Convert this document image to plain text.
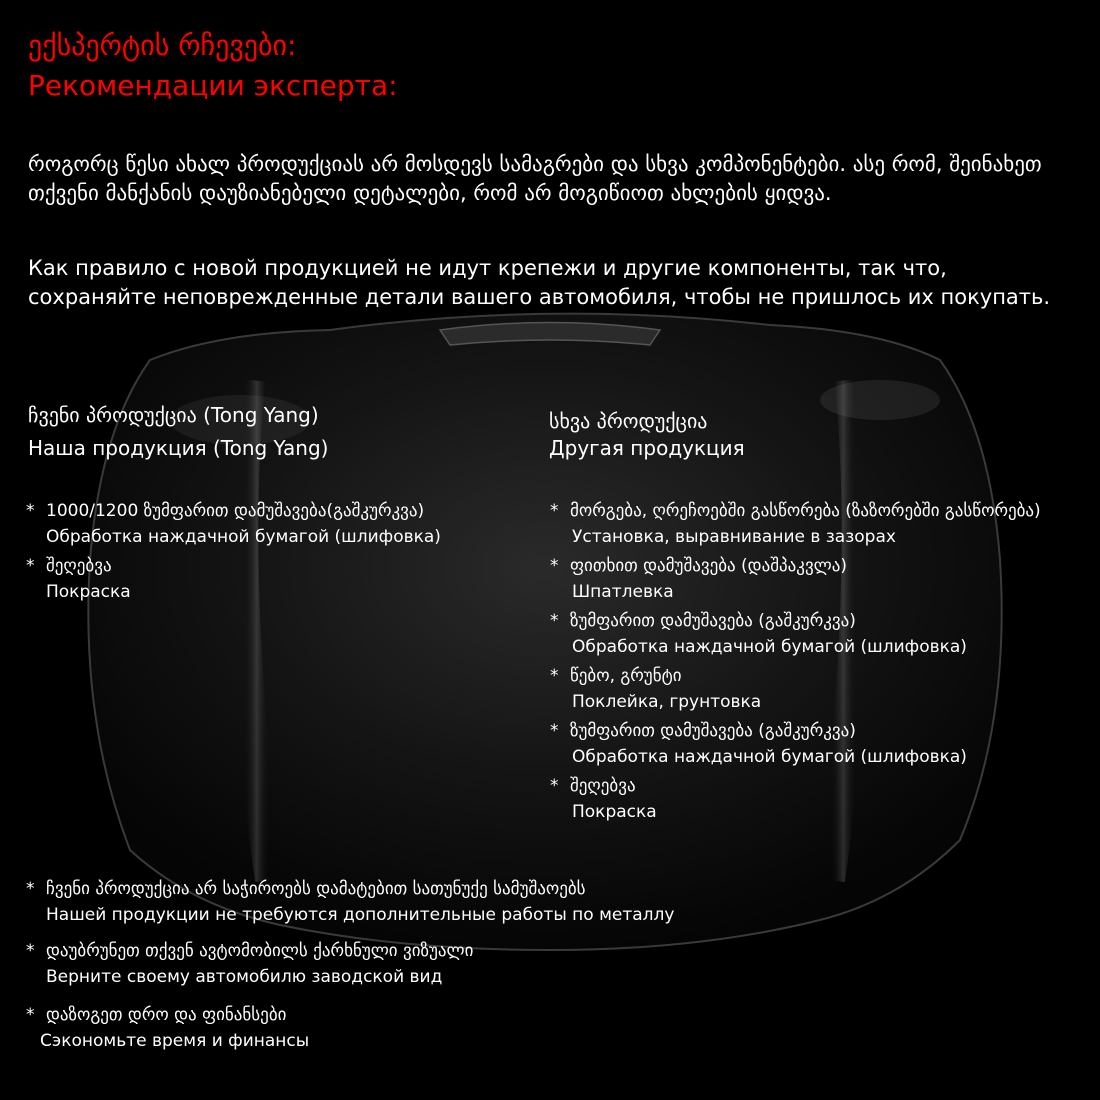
ექსპერტის რჩევები:
Рекомендации эксперта:
როგორც წესი ახალ პროდუქციას არ მოსდევს სამაგრები და სხვა კომპონენტები. ასე რომ, შეინახეთ თქვენი მანქანის დაუზიანებელი დეტალები, რომ არ მოგიწიოთ ახლების ყიდვა.
Как правило с новой продукцией не идут крепежи и другие компоненты, так что, сохраняйте неповрежденные детали вашего автомобиля, чтобы не пришлось их покупать.
ჩვენი პროდუქცია (Tong Yang)
Наша продукция (Tong Yang)
* 1000/1200 ზუმფარით დამუშავება(გაშკურკვა)
Обработка наждачной бумагой (шлифовка)
* შეღებვა
Покраска
სხვა პროდუქცია
Другая продукция
* მორგება, ღრეჩოებში გასწორება (ზაზორებში გასწორება)
Установка, выравнивание в зазорах
* ფითხით დამუშავება (დაშპაკვლა)
Шпатлевка
* ზუმფარით დამუშავება (გაშკურკვა)
Обработка наждачной бумагой (шлифовка)
* წებო, გრუნტი
Поклейка, грунтовка
* ზუმფარით დამუშავება (გაშკურკვა)
Обработка наждачной бумагой (шлифовка)
* შეღებვა
Покраска
* ჩვენი პროდუქცია არ საჭიროებს დამატებით სათუნუქე სამუშაოებს
Нашей продукции не требуются дополнительные работы по металлу
* დაუბრუნეთ თქვენ ავტომობილს ქარხნული ვიზუალი
Верните своему автомобилю заводской вид
* დაზოგეთ დრო და ფინანსები
Сэкономьте время и финансы
